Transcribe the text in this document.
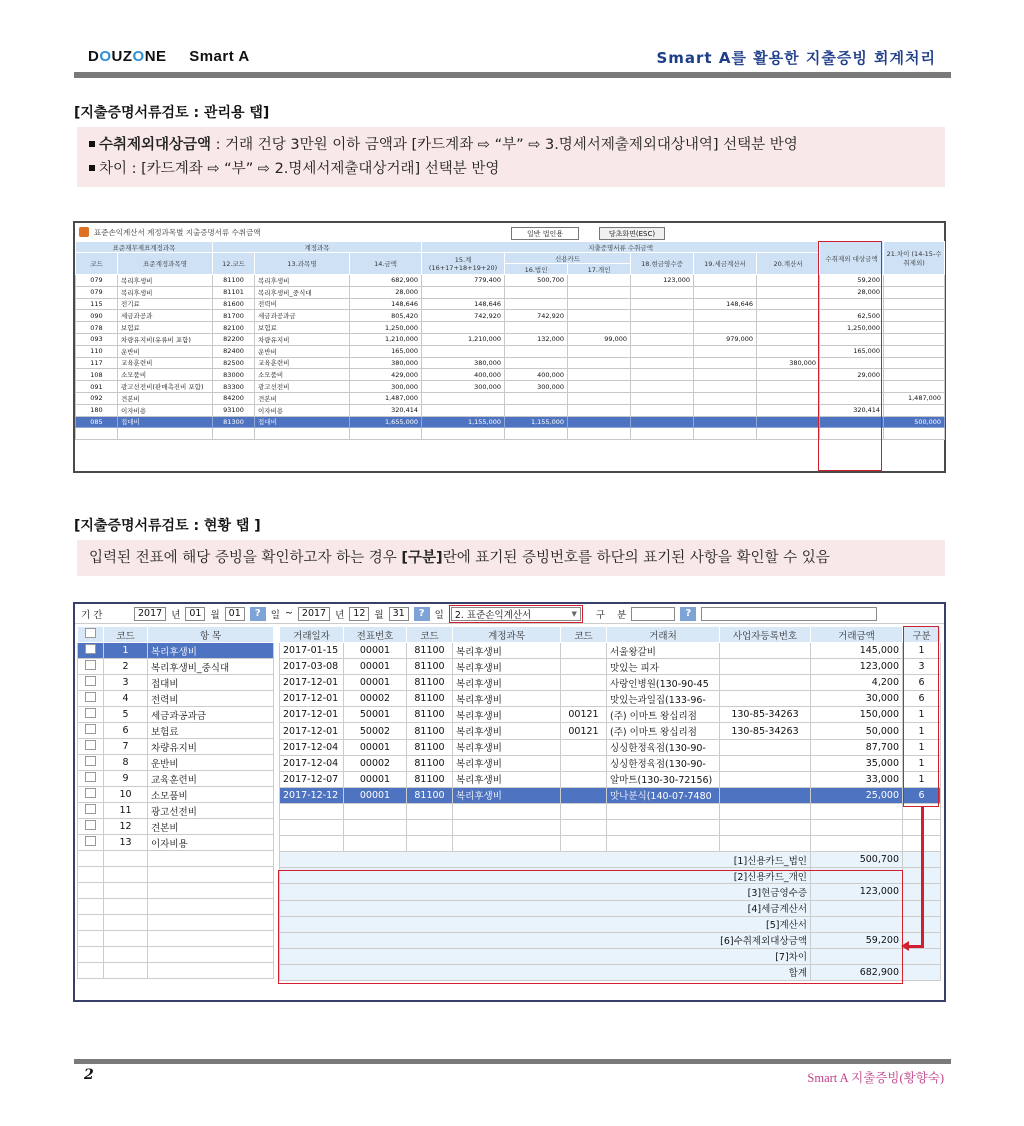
DOUZONE Smart A	Smart A를 활용한 지출증빙 회계처리
[지출증명서류검토 : 관리용 탭]
수취제외대상금액 : 거래 건당 3만원 이하 금액과 [카드계좌 ⇨ “부” ⇨ 3.명세서제출제외대상내역] 선택분 반영
차이 : [카드계좌 ⇨ “부” ⇨ 2.명세서제출대상거래] 선택분 반영
표준손익계산서 계정과목별 지출증명서류 수취금액	일반 법인용	당초화면(ESC)
표준재무제표계정과목		계정과목			지출증명서류 수취금액						수취제외 대상금액	21.차이 (14-15-수취제외)
코드	표준계정과목명	12.코드	13.과목명	14.금액	15.계 (16+17+18+19+20)	신용카드		18.현금영수증	19.세금계산서	20.계산서		
						16.법인	17.개인					
079	복리후생비	81100	복리후생비	682,900	779,400	500,700		123,000			59,200	
079	복리후생비	81101	복리후생비_중식대	28,000							28,000	
115	전기료	81600	전력비	148,646	148,646				148,646			
090	세금과공과	81700	세금과공과금	805,420	742,920	742,920					62,500	
078	보험료	82100	보험료	1,250,000							1,250,000	
093	차량유지비(유류비 포함)	82200	차량유지비	1,210,000	1,210,000	132,000	99,000		979,000			
110	운반비	82400	운반비	165,000							165,000	
117	교육훈련비	82500	교육훈련비	380,000	380,000					380,000		
108	소모품비	83000	소모품비	429,000	400,000	400,000					29,000	
091	광고선전비(판매촉진비 포함)	83300	광고선전비	300,000	300,000	300,000						
092	견본비	84200	견본비	1,487,000								1,487,000
180	이자비용	93100	이자비용	320,414							320,414	
085	접대비	81300	접대비	1,655,000	1,155,000	1,155,000						500,000

[지출증명서류검토 : 현황 탭 ]
입력된 전표에 해당 증빙을 확인하고자 하는 경우 [구분]란에 표기된 증빙번호를 하단의 표기된 사항을 확인할 수 있음
기 간	2017 년 01 월 01	?	일 ~ 2017 년 12 월 31	?	일 2. 표준손익계산서	▼ 구    분	?
	코드	항 목
	1	복리후생비
	2	복리후생비_중식대
	3	접대비
	4	전력비
	5	세금과공과금
	6	보험료
	7	차량유지비
	8	운반비
	9	교육훈련비
	10	소모품비
	11	광고선전비
	12	견본비
	13	이자비용

거래일자	전표번호	코드	계정과목	코드	거래처	사업자등록번호	거래금액	구분
2017-01-15	00001	81100	복리후생비		서울왕갈비		145,000	1
2017-03-08	00001	81100	복리후생비		맛있는 피자		123,000	3
2017-12-01	00001	81100	복리후생비		사랑인병원(130-90-45		4,200	6
2017-12-01	00002	81100	복리후생비		맛있는과일집(133-96-		30,000	6
2017-12-01	50001	81100	복리후생비	00121	(주) 이마트 왕십리점	130-85-34263	150,000	1
2017-12-01	50002	81100	복리후생비	00121	(주) 이마트 왕십리점	130-85-34263	50,000	1
2017-12-04	00001	81100	복리후생비		싱싱한정육점(130-90-		87,700	1
2017-12-04	00002	81100	복리후생비		싱싱한정육점(130-90-		35,000	1
2017-12-07	00001	81100	복리후생비		알마트(130-30-72156)		33,000	1
2017-12-12	00001	81100	복리후생비		맛나분식(140-07-7480		25,000	6

[1]신용카드_법인							500,700	
[2]신용카드_개인								
[3]현금영수증							123,000	
[4]세금계산서								
[5]계산서								
[6]수취제외대상금액							59,200	
[7]차이								
합계							682,900	
2	Smart A 지출증빙(황향숙)
